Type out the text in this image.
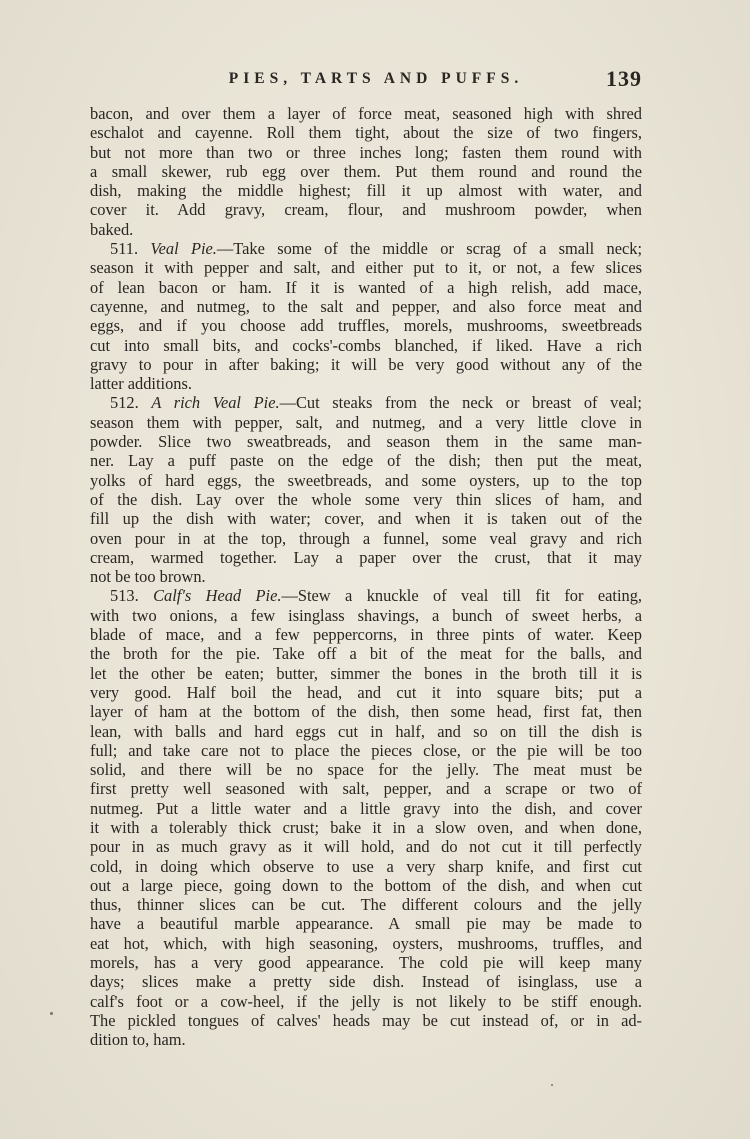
PIES, TARTS AND PUFFS.	139
bacon, and over them a layer of force meat, seasoned high with shred
eschalot and cayenne. Roll them tight, about the size of two fingers,
but not more than two or three inches long; fasten them round with
a small skewer, rub egg over them. Put them round and round the
dish, making the middle highest; fill it up almost with water, and
cover it. Add gravy, cream, flour, and mushroom powder, when
baked.
511. Veal Pie.—Take some of the middle or scrag of a small neck;
season it with pepper and salt, and either put to it, or not, a few slices
of lean bacon or ham. If it is wanted of a high relish, add mace,
cayenne, and nutmeg, to the salt and pepper, and also force meat and
eggs, and if you choose add truffles, morels, mushrooms, sweetbreads
cut into small bits, and cocks'-combs blanched, if liked. Have a rich
gravy to pour in after baking; it will be very good without any of the
latter additions.
512. A rich Veal Pie.—Cut steaks from the neck or breast of veal;
season them with pepper, salt, and nutmeg, and a very little clove in
powder. Slice two sweatbreads, and season them in the same man-
ner. Lay a puff paste on the edge of the dish; then put the meat,
yolks of hard eggs, the sweetbreads, and some oysters, up to the top
of the dish. Lay over the whole some very thin slices of ham, and
fill up the dish with water; cover, and when it is taken out of the
oven pour in at the top, through a funnel, some veal gravy and rich
cream, warmed together. Lay a paper over the crust, that it may
not be too brown.
513. Calf's Head Pie.—Stew a knuckle of veal till fit for eating,
with two onions, a few isinglass shavings, a bunch of sweet herbs, a
blade of mace, and a few peppercorns, in three pints of water. Keep
the broth for the pie. Take off a bit of the meat for the balls, and
let the other be eaten; butter, simmer the bones in the broth till it is
very good. Half boil the head, and cut it into square bits; put a
layer of ham at the bottom of the dish, then some head, first fat, then
lean, with balls and hard eggs cut in half, and so on till the dish is
full; and take care not to place the pieces close, or the pie will be too
solid, and there will be no space for the jelly. The meat must be
first pretty well seasoned with salt, pepper, and a scrape or two of
nutmeg. Put a little water and a little gravy into the dish, and cover
it with a tolerably thick crust; bake it in a slow oven, and when done,
pour in as much gravy as it will hold, and do not cut it till perfectly
cold, in doing which observe to use a very sharp knife, and first cut
out a large piece, going down to the bottom of the dish, and when cut
thus, thinner slices can be cut. The different colours and the jelly
have a beautiful marble appearance. A small pie may be made to
eat hot, which, with high seasoning, oysters, mushrooms, truffles, and
morels, has a very good appearance. The cold pie will keep many
days; slices make a pretty side dish. Instead of isinglass, use a
calf's foot or a cow-heel, if the jelly is not likely to be stiff enough.
The pickled tongues of calves' heads may be cut instead of, or in ad-
dition to, ham.
